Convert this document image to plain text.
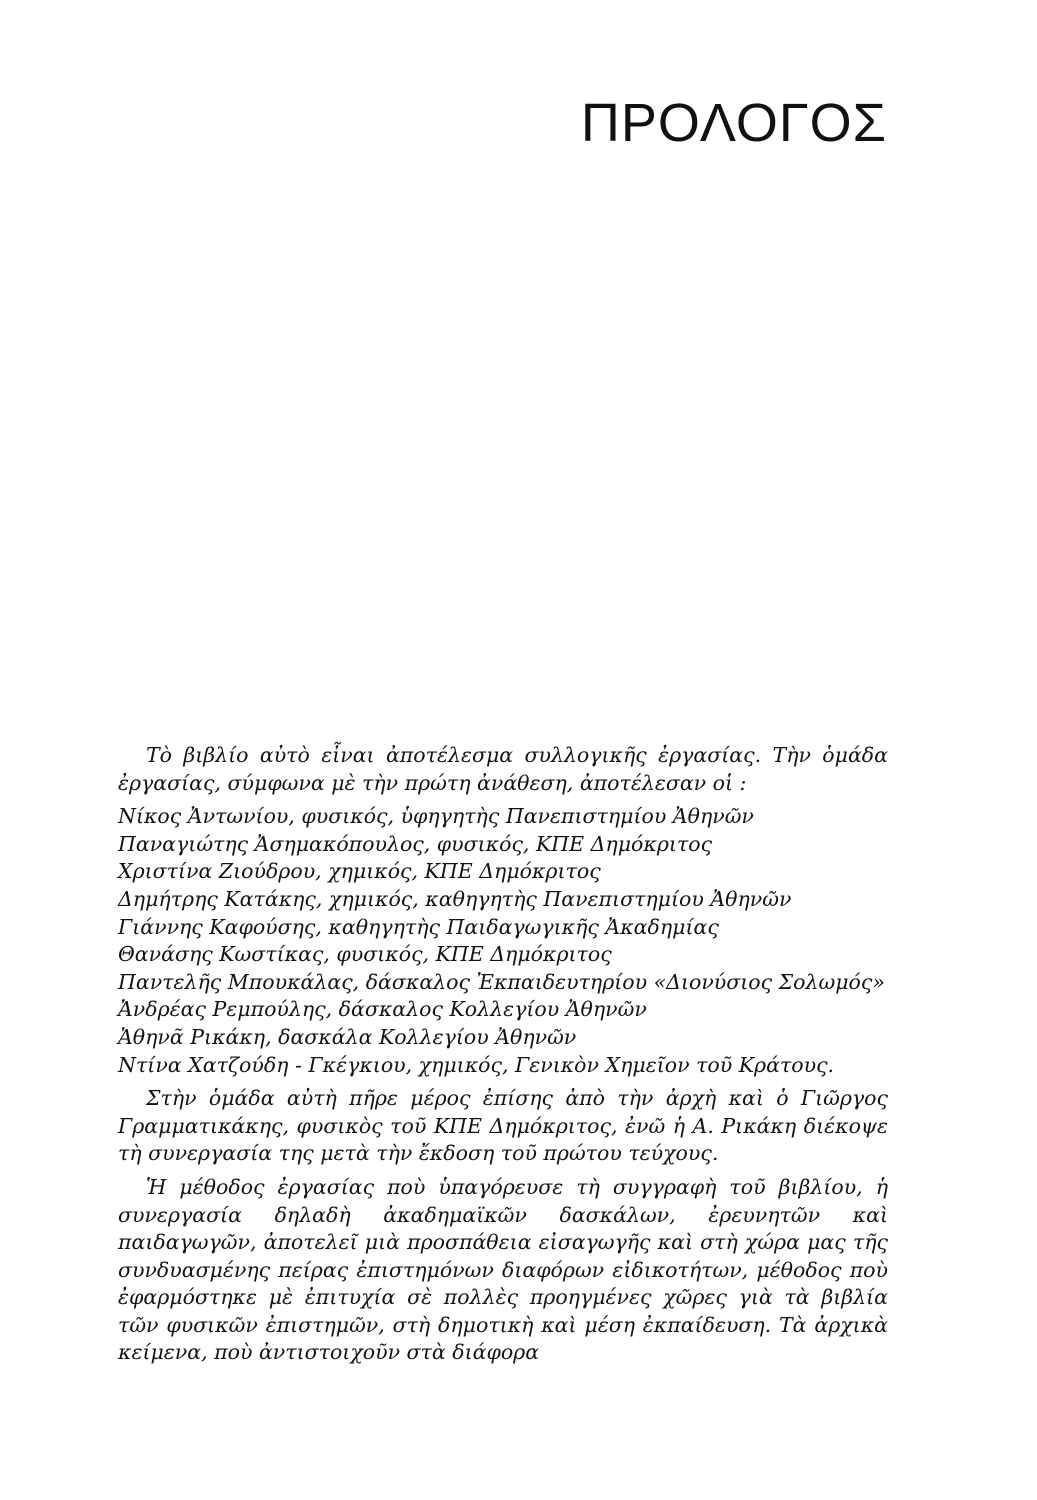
ΠΡΟΛΟΓΟΣ

Τὸ βιβλίο αὐτὸ εἶναι ἀποτέλεσμα συλλογικῆς ἐργασίας. Τὴν ὁμάδα ἐργασίας, σύμφωνα μὲ τὴν πρώτη ἀνάθεση, ἀποτέλεσαν οἱ :

Νίκος Ἀντωνίου, φυσικός, ὑφηγητὴς Πανεπιστημίου Ἀθηνῶν
Παναγιώτης Ἀσημακόπουλος, φυσικός, ΚΠΕ Δημόκριτος
Χριστίνα Ζιούδρου, χημικός, ΚΠΕ Δημόκριτος
Δημήτρης Κατάκης, χημικός, καθηγητὴς Πανεπιστημίου Ἀθηνῶν
Γιάννης Καφούσης, καθηγητὴς Παιδαγωγικῆς Ἀκαδημίας
Θανάσης Κωστίκας, φυσικός, ΚΠΕ Δημόκριτος
Παντελῆς Μπουκάλας, δάσκαλος Ἐκπαιδευτηρίου «Διονύσιος Σολωμός»
Ἀνδρέας Ρεμπούλης, δάσκαλος Κολλεγίου Ἀθηνῶν
Ἀθηνᾶ Ρικάκη, δασκάλα Κολλεγίου Ἀθηνῶν
Ντίνα Χατζούδη - Γκέγκιου, χημικός, Γενικὸν Χημεῖον τοῦ Κράτους.

Στὴν ὁμάδα αὐτὴ πῆρε μέρος ἐπίσης ἀπὸ τὴν ἀρχὴ καὶ ὁ Γιῶργος Γραμματικάκης, φυσικὸς τοῦ ΚΠΕ Δημόκριτος, ἐνῶ ἡ Α. Ρικάκη διέκοψε τὴ συνεργασία της μετὰ τὴν ἔκδοση τοῦ πρώτου τεύχους.

Ἡ μέθοδος ἐργασίας ποὺ ὑπαγόρευσε τὴ συγγραφὴ τοῦ βιβλίου, ἡ συνεργασία δηλαδὴ ἀκαδημαϊκῶν δασκάλων, ἐρευνητῶν καὶ παιδαγωγῶν, ἀποτελεῖ μιὰ προσπάθεια εἰσαγωγῆς καὶ στὴ χώρα μας τῆς συνδυασμένης πείρας ἐπιστημόνων διαφόρων εἰδικοτήτων, μέθοδος ποὺ ἐφαρμόστηκε μὲ ἐπιτυχία σὲ πολλὲς προηγμένες χῶρες γιὰ τὰ βιβλία τῶν φυσικῶν ἐπιστημῶν, στὴ δημοτικὴ καὶ μέση ἐκπαίδευση. Τὰ ἀρχικὰ κείμενα, ποὺ ἀντιστοιχοῦν στὰ διάφορα
